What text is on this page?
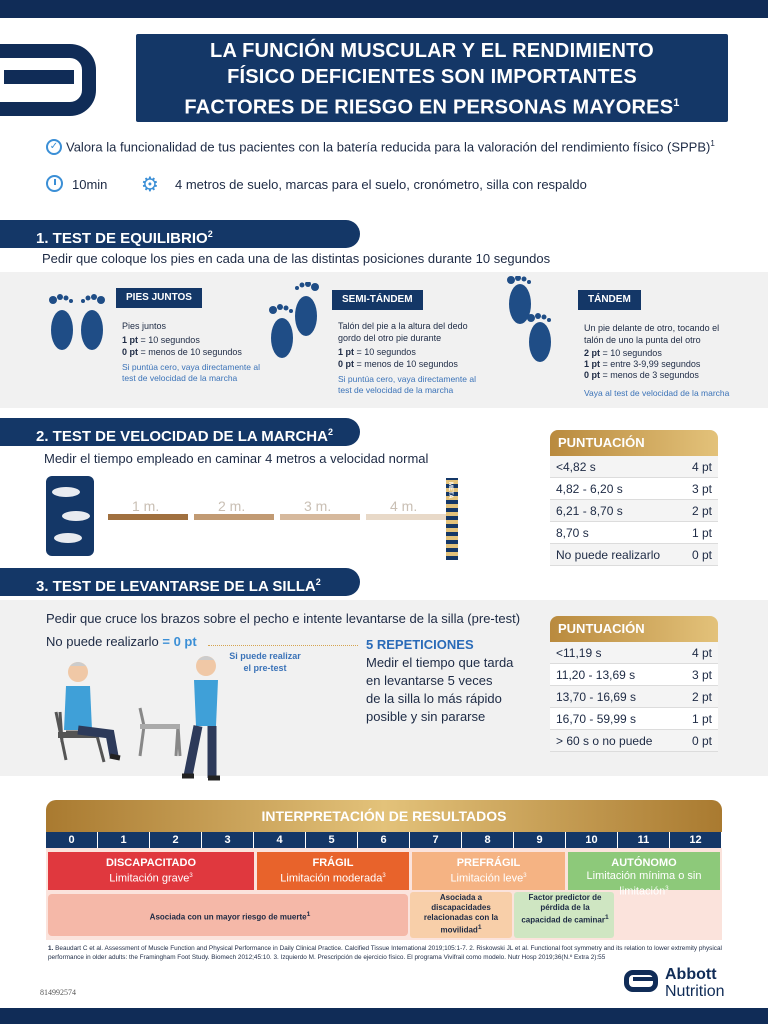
LA FUNCIÓN MUSCULAR Y EL RENDIMIENTO
FÍSICO DEFICIENTES SON IMPORTANTES
FACTORES DE RIESGO EN PERSONAS MAYORES$^1$
✓ Valora la funcionalidad de tus pacientes con la batería reducida para la valoración del rendimiento físico (SPPB)$^1$
10min ⚙ 4 metros de suelo, marcas para el suelo, cronómetro, silla con respaldo
1. TEST DE EQUILIBRIO$^2$
Pedir que coloque los pies en cada una de las distintas posiciones durante 10 segundos
PIES JUNTOS
Pies juntos
1 pt = 10 segundos
0 pt = menos de 10 segundos
Si puntúa cero, vaya directamente al test de velocidad de la marcha
SEMI-TÁNDEM
Talón del pie a la altura del dedo gordo del otro pie durante
1 pt = 10 segundos
0 pt = menos de 10 segundos
Si puntúa cero, vaya directamente al test de velocidad de la marcha
TÁNDEM
Un pie delante de otro, tocando el talón de uno la punta del otro
2 pt = 10 segundos
1 pt = entre 3-9,99 segundos
0 pt = menos de 3 segundos
Vaya al test de velocidad de la marcha
2. TEST DE VELOCIDAD DE LA MARCHA$^2$
Medir el tiempo empleado en caminar 4 metros a velocidad normal
1 m.	2 m.	3 m.	4 m.
META
PUNTUACIÓN
<4,82 s	4 pt
4,82 - 6,20 s	3 pt
6,21 - 8,70 s	2 pt
8,70 s	1 pt
No puede realizarlo	0 pt
3. TEST DE LEVANTARSE DE LA SILLA$^2$
Pedir que cruce los brazos sobre el pecho e intente levantarse de la silla (pre-test)
No puede realizarlo = 0 pt
Si puede realizar el pre-test
5 REPETICIONES
Medir el tiempo que tarda
en levantarse 5 veces
de la silla lo más rápido
posible y sin pararse
PUNTUACIÓN
<11,19 s	4 pt
11,20 - 13,69 s	3 pt
13,70 - 16,69 s	2 pt
16,70 - 59,99 s	1 pt
> 60 s o no puede	0 pt
INTERPRETACIÓN DE RESULTADOS
0	1	2	3	4	5	6	7	8	9	10	11	12
DISCAPACITADO
Limitación grave$^3$
FRÁGIL
Limitación moderada$^3$
PREFRÁGIL
Limitación leve$^3$
AUTÓNOMO
Limitación mínima o sin limitación$^3$
Asociada con un mayor riesgo de muerte$^1$
Asociada a discapacidades relacionadas con la movilidad$^1$
Factor predictor de pérdida de la capacidad de caminar$^1$
1. Beaudart C et al. Assessment of Muscle Function and Physical Performance in Daily Clinical Practice. Calcified Tissue International 2019;105:1-7. 2. Riskowski JL et al. Functional foot symmetry and its relation to lower extremity physical performance in older adults: the Framingham Foot Study. Biomech 2012;45:10. 3. Izquierdo M. Prescripción de ejercicio físico. El programa Vivifrail como modelo. Nutr Hosp 2019;36(N.º Extra 2):55
814992574
Abbott
Nutrition
